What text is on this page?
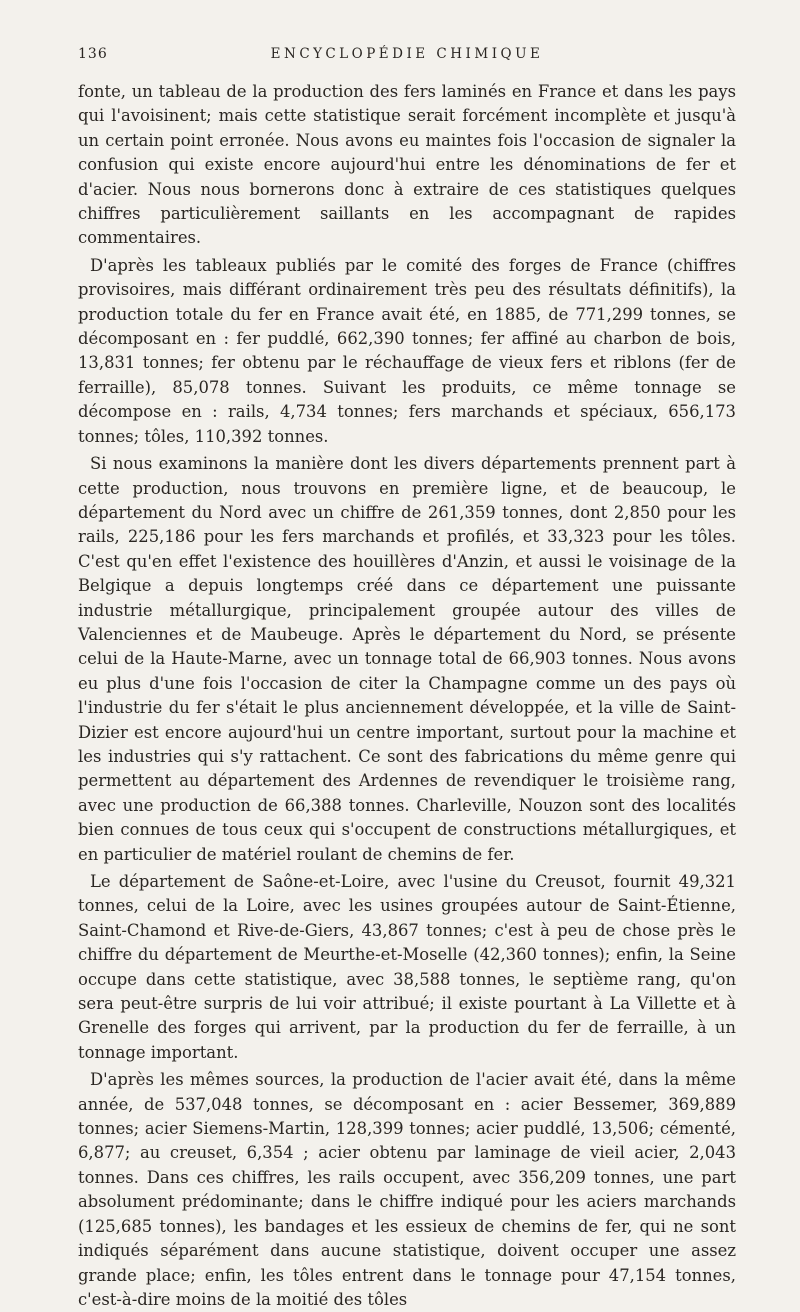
136	ENCYCLOPÉDIE CHIMIQUE

fonte, un tableau de la production des fers laminés en France et dans les pays qui l'avoisinent; mais cette statistique serait forcément incomplète et jusqu'à un certain point erronée. Nous avons eu maintes fois l'occasion de signaler la confusion qui existe encore aujourd'hui entre les dénominations de fer et d'acier. Nous nous bornerons donc à extraire de ces statistiques quelques chiffres particulièrement saillants en les accompagnant de rapides commentaires.

D'après les tableaux publiés par le comité des forges de France (chiffres provisoires, mais différant ordinairement très peu des résultats définitifs), la production totale du fer en France avait été, en 1885, de 771,299 tonnes, se décomposant en : fer puddlé, 662,390 tonnes; fer affiné au charbon de bois, 13,831 tonnes; fer obtenu par le réchauffage de vieux fers et riblons (fer de ferraille), 85,078 tonnes. Suivant les produits, ce même tonnage se décompose en : rails, 4,734 tonnes; fers marchands et spéciaux, 656,173 tonnes; tôles, 110,392 tonnes.

Si nous examinons la manière dont les divers départements prennent part à cette production, nous trouvons en première ligne, et de beaucoup, le département du Nord avec un chiffre de 261,359 tonnes, dont 2,850 pour les rails, 225,186 pour les fers marchands et profilés, et 33,323 pour les tôles. C'est qu'en effet l'existence des houillères d'Anzin, et aussi le voisinage de la Belgique a depuis longtemps créé dans ce département une puissante industrie métallurgique, principalement groupée autour des villes de Valenciennes et de Maubeuge. Après le département du Nord, se présente celui de la Haute-Marne, avec un tonnage total de 66,903 tonnes. Nous avons eu plus d'une fois l'occasion de citer la Champagne comme un des pays où l'industrie du fer s'était le plus anciennement développée, et la ville de Saint-Dizier est encore aujourd'hui un centre important, surtout pour la machine et les industries qui s'y rattachent. Ce sont des fabrications du même genre qui permettent au département des Ardennes de revendiquer le troisième rang, avec une production de 66,388 tonnes. Charleville, Nouzon sont des localités bien connues de tous ceux qui s'occupent de constructions métallurgiques, et en particulier de matériel roulant de chemins de fer.

Le département de Saône-et-Loire, avec l'usine du Creusot, fournit 49,321 tonnes, celui de la Loire, avec les usines groupées autour de Saint-Étienne, Saint-Chamond et Rive-de-Giers, 43,867 tonnes; c'est à peu de chose près le chiffre du département de Meurthe-et-Moselle (42,360 tonnes); enfin, la Seine occupe dans cette statistique, avec 38,588 tonnes, le septième rang, qu'on sera peut-être surpris de lui voir attribué; il existe pourtant à La Villette et à Grenelle des forges qui arrivent, par la production du fer de ferraille, à un tonnage important.

D'après les mêmes sources, la production de l'acier avait été, dans la même année, de 537,048 tonnes, se décomposant en : acier Bessemer, 369,889 tonnes; acier Siemens-Martin, 128,399 tonnes; acier puddlé, 13,506; cémenté, 6,877; au creuset, 6,354 ; acier obtenu par laminage de vieil acier, 2,043 tonnes. Dans ces chiffres, les rails occupent, avec 356,209 tonnes, une part absolument prédominante; dans le chiffre indiqué pour les aciers marchands (125,685 tonnes), les bandages et les essieux de chemins de fer, qui ne sont indiqués séparément dans aucune statistique, doivent occuper une assez grande place; enfin, les tôles entrent dans le tonnage pour 47,154 tonnes, c'est-à-dire moins de la moitié des tôles
